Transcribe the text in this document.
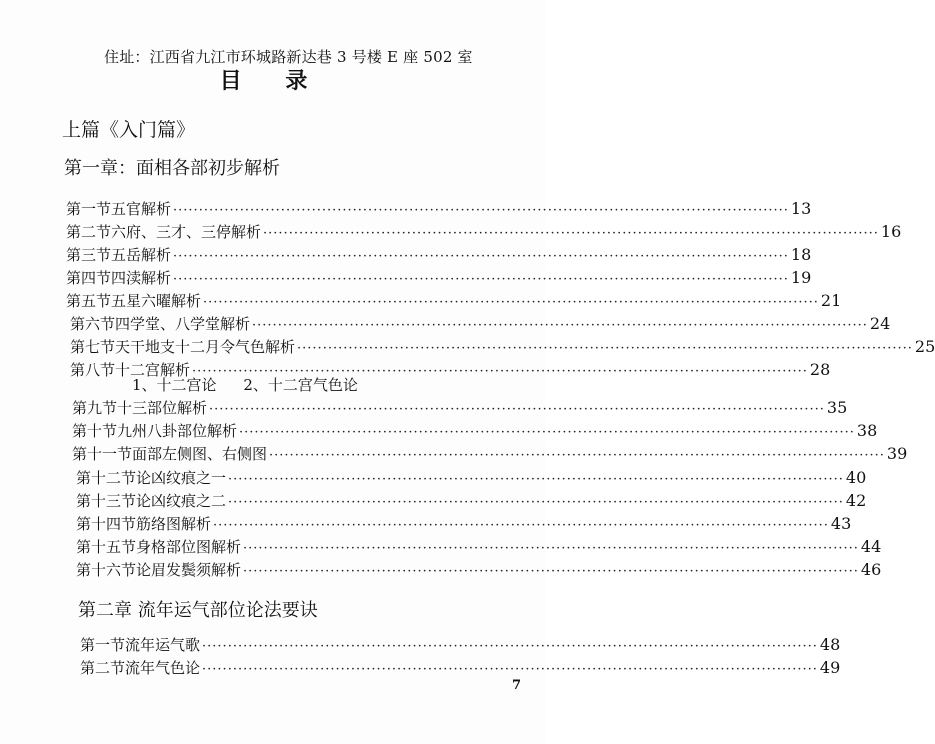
住址：江西省九江市环城路新达巷 3 号楼 E 座 502 室
目 录
上篇《入门篇》
第一章：面相各部初步解析
第一节 五官解析 ························································································································ 13
第二节 六府、三才、三停解析 ························································································································ 16
第三节 五岳解析 ························································································································ 18
第四节 四渎解析 ························································································································ 19
第五节 五星六曜解析 ························································································································ 21
第六节 四学堂、八学堂解析 ························································································································ 24
第七节 天干地支十二月令气色解析 ························································································································ 25
第八节 十二宫解析 ························································································································ 28
第九节 十三部位解析 ························································································································ 35
第十节 九州八卦部位解析 ························································································································ 38
第十一节 面部左侧图、右侧图 ························································································································ 39
第十二节 论凶纹痕之一 ························································································································ 40
第十三节 论凶纹痕之二 ························································································································ 42
第十四节 筋络图解析 ························································································································ 43
第十五节 身格部位图解析 ························································································································ 44
第十六节 论眉发鬓须解析 ························································································································ 46
1、十二宫论 2、十二宫气色论
第二章 流年运气部位论法要诀
第一节 流年运气歌 ························································································································ 48
第二节 流年气色论 ························································································································ 49
7
